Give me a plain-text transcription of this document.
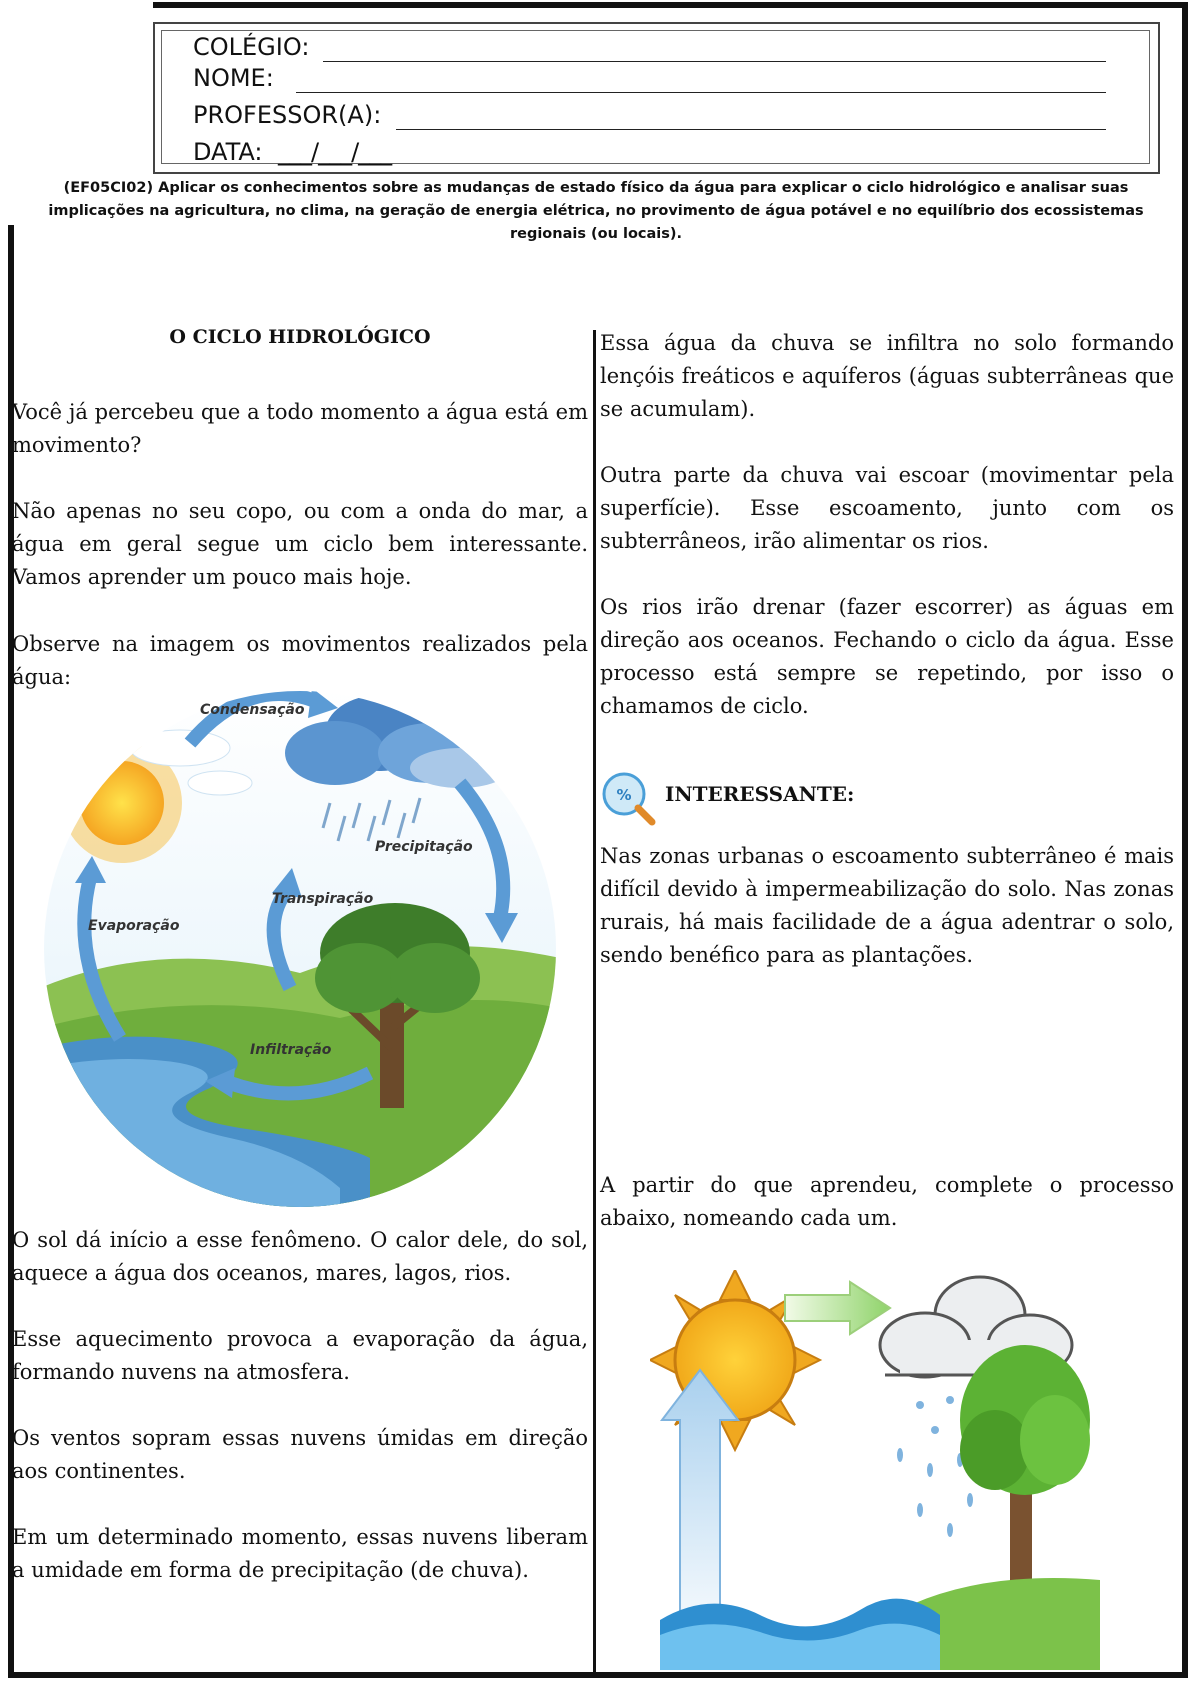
COLÉGIO:
NOME:
PROFESSOR(A):
DATA: ___/___/___
(EF05CI02) Aplicar os conhecimentos sobre as mudanças de estado físico da água para explicar o ciclo hidrológico e analisar suas implicações na agricultura, no clima, na geração de energia elétrica, no provimento de água potável e no equilíbrio dos ecossistemas regionais (ou locais).
O CICLO HIDROLÓGICO
Você já percebeu que a todo momento a água está em movimento?
Não apenas no seu copo, ou com a onda do mar, a água em geral segue um ciclo bem interessante. Vamos aprender um pouco mais hoje.
Observe na imagem os movimentos realizados pela água:
Condensação
Precipitação
Transpiração
Evaporação
Infiltração
O sol dá início a esse fenômeno. O calor dele, do sol, aquece a água dos oceanos, mares, lagos, rios.
Esse aquecimento provoca a evaporação da água, formando nuvens na atmosfera.
Os ventos sopram essas nuvens úmidas em direção aos continentes.
Em um determinado momento, essas nuvens liberam a umidade em forma de precipitação (de chuva).
Essa água da chuva se infiltra no solo formando lençóis freáticos e aquíferos (águas subterrâneas que se acumulam).
Outra parte da chuva vai escoar (movimentar pela superfície). Esse escoamento, junto com os subterrâneos, irão alimentar os rios.
Os rios irão drenar (fazer escorrer) as águas em direção aos oceanos. Fechando o ciclo da água. Esse processo está sempre se repetindo, por isso o chamamos de ciclo.
% INTERESSANTE:
Nas zonas urbanas o escoamento subterrâneo é mais difícil devido à impermeabilização do solo. Nas zonas rurais, há mais facilidade de a água adentrar o solo, sendo benéfico para as plantações.
A partir do que aprendeu, complete o processo abaixo, nomeando cada um.
